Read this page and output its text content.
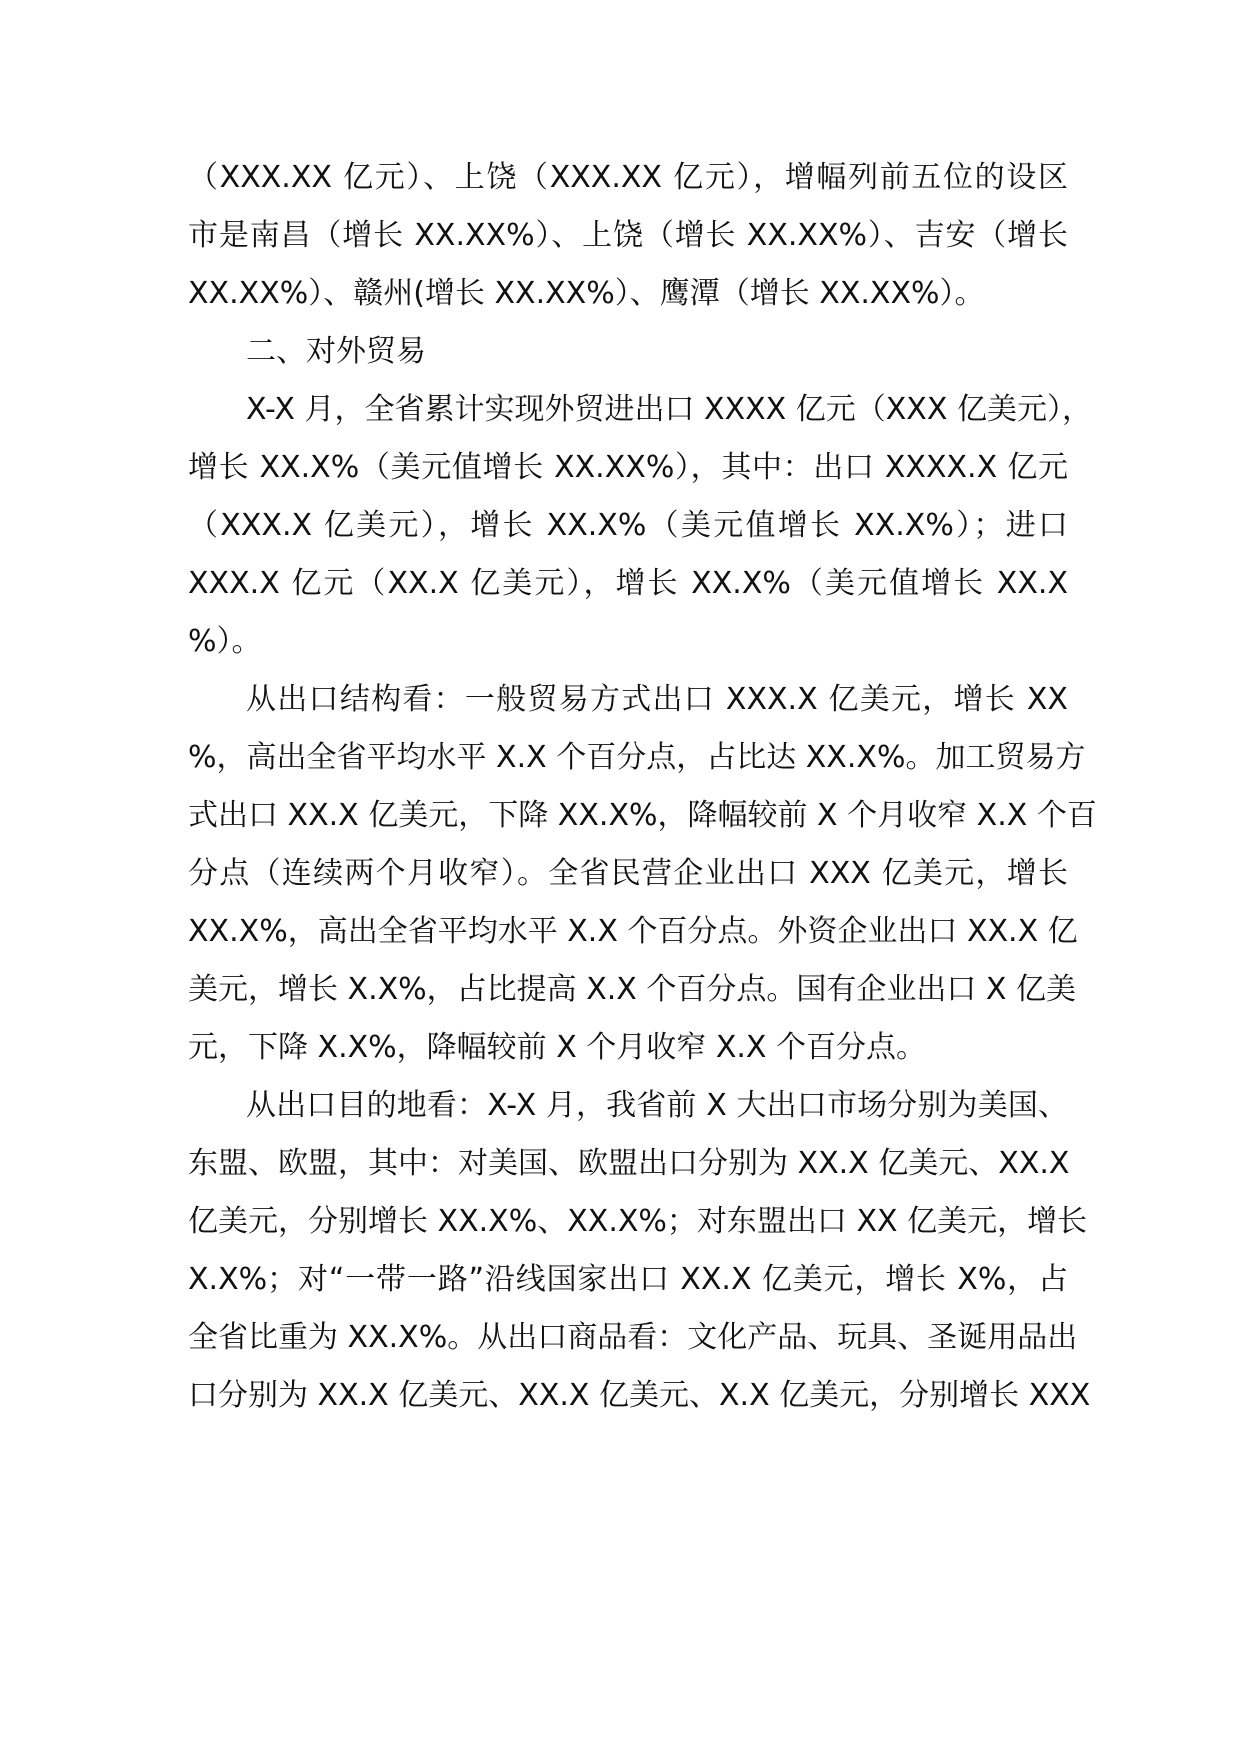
（XXX.XX 亿元）、上饶（XXX.XX 亿元），增幅列前五位的设区
市是南昌（增长 XX.XX%）、上饶（增长 XX.XX%）、吉安（增长
XX.XX%）、赣州(增长 XX.XX%）、鹰潭（增长 XX.XX%）。
二、对外贸易
X-X 月，全省累计实现外贸进出口 XXXX 亿元（XXX 亿美元），
增长 XX.X%（美元值增长 XX.XX%），其中：出口 XXXX.X 亿元
（XXX.X 亿美元），增长 XX.X%（美元值增长 XX.X%）；进口
XXX.X 亿元（XX.X 亿美元），增长 XX.X%（美元值增长 XX.X
%）。
从出口结构看：一般贸易方式出口 XXX.X 亿美元，增长 XX
%，高出全省平均水平 X.X 个百分点，占比达 XX.X%。加工贸易方
式出口 XX.X 亿美元，下降 XX.X%，降幅较前 X 个月收窄 X.X 个百
分点（连续两个月收窄）。全省民营企业出口 XXX 亿美元，增长
XX.X%，高出全省平均水平 X.X 个百分点。外资企业出口 XX.X 亿
美元，增长 X.X%，占比提高 X.X 个百分点。国有企业出口 X 亿美
元，下降 X.X%，降幅较前 X 个月收窄 X.X 个百分点。
从出口目的地看：X-X 月，我省前 X 大出口市场分别为美国、
东盟、欧盟，其中：对美国、欧盟出口分别为 XX.X 亿美元、XX.X
亿美元，分别增长 XX.X%、XX.X%；对东盟出口 XX 亿美元，增长
X.X%；对“一带一路”沿线国家出口 XX.X 亿美元，增长 X%，占
全省比重为 XX.X%。从出口商品看：文化产品、玩具、圣诞用品出
口分别为 XX.X 亿美元、XX.X 亿美元、X.X 亿美元，分别增长 XXX
